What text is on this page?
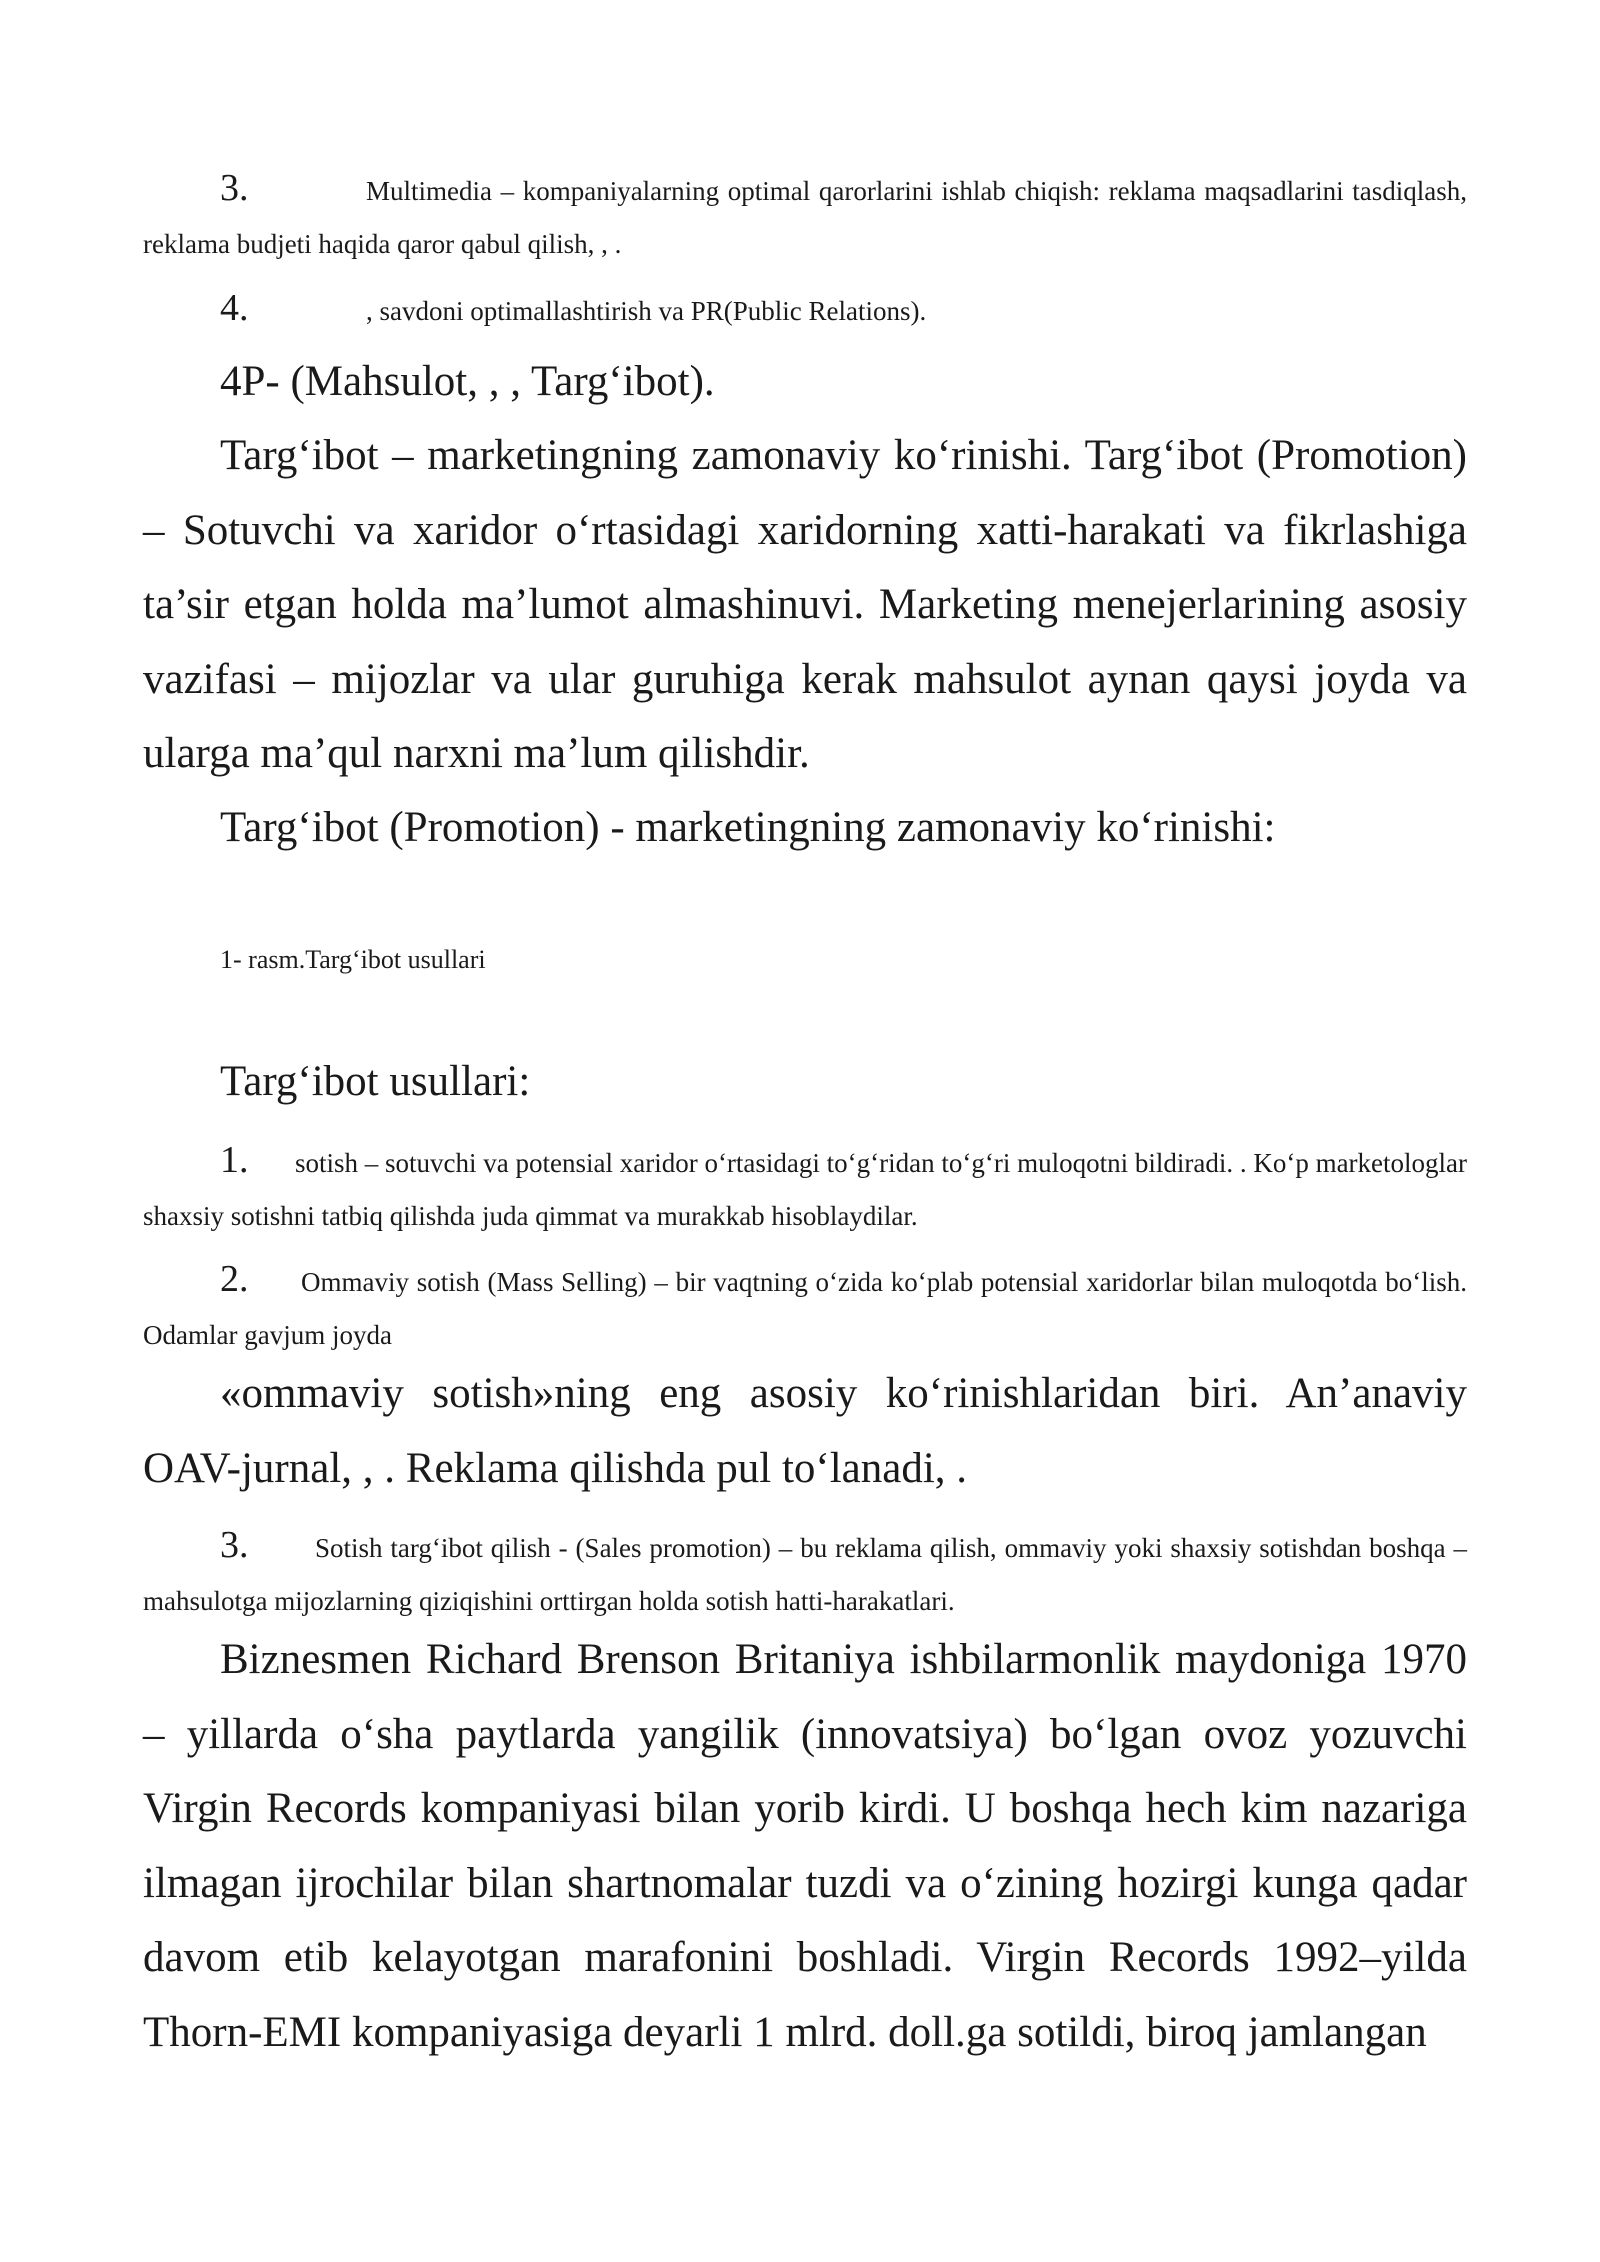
3.	Multimedia – kompaniyalarning optimal qarorlarini ishlab chiqish: reklama maqsadlarini tasdiqlash, reklama budjeti haqida qaror qabul qilish, , .
4.	, savdoni optimallashtirish va PR(Public Relations).
4P- (Mahsulot, , , Targ‘ibot).
Targ‘ibot – marketingning zamonaviy ko‘rinishi. Targ‘ibot (Promotion) – Sotuvchi va xaridor o‘rtasidagi xaridorning xatti-harakati va fikrlashiga ta’sir etgan holda ma’lumot almashinuvi. Marketing menejerlarining asosiy vazifasi – mijozlar va ular guruhiga kerak mahsulot aynan qaysi joyda va ularga ma’qul narxni ma’lum qilishdir.
Targ‘ibot (Promotion) - marketingning zamonaviy ko‘rinishi:
1- rasm.Targ‘ibot usullari
Targ‘ibot usullari:
1. sotish – sotuvchi va potensial xaridor o‘rtasidagi to‘g‘ridan to‘g‘ri muloqotni bildiradi. . Ko‘p marketologlar shaxsiy sotishni tatbiq qilishda juda qimmat va murakkab hisoblaydilar.
2. Ommaviy sotish (Mass Selling) – bir vaqtning o‘zida ko‘plab potensial xaridorlar bilan muloqotda bo‘lish. Odamlar gavjum joyda
«ommaviy sotish»ning eng asosiy ko‘rinishlaridan biri. An’anaviy OAV-jurnal, , . Reklama qilishda pul to‘lanadi, .
3. Sotish targ‘ibot qilish - (Sales promotion) – bu reklama qilish, ommaviy yoki shaxsiy sotishdan boshqa – mahsulotga mijozlarning qiziqishini orttirgan holda sotish hatti-harakatlari.
Biznesmen Richard Brenson Britaniya ishbilarmonlik maydoniga 1970 – yillarda o‘sha paytlarda yangilik (innovatsiya) bo‘lgan ovoz yozuvchi Virgin Records kompaniyasi bilan yorib kirdi. U boshqa hech kim nazariga ilmagan ijrochilar bilan shartnomalar tuzdi va o‘zining hozirgi kunga qadar davom etib kelayotgan marafonini boshladi. Virgin Records 1992–yilda Thorn-EMI kompaniyasiga deyarli 1 mlrd. doll.ga sotildi, biroq jamlangan
